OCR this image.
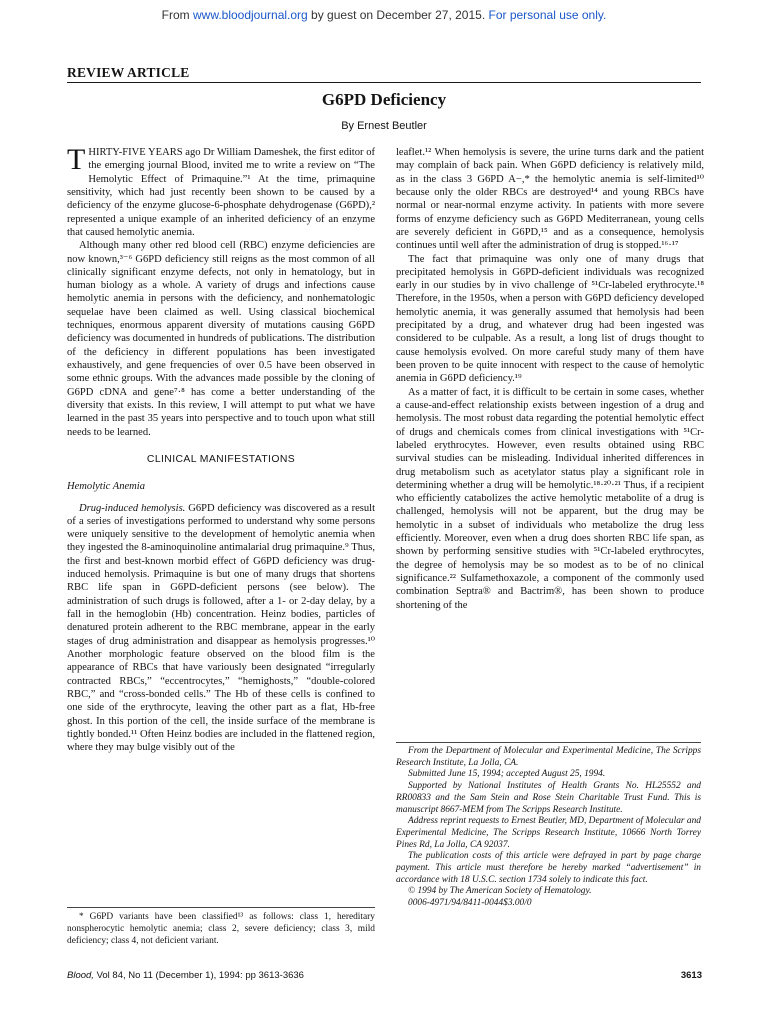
From www.bloodjournal.org by guest on December 27, 2015. For personal use only.
REVIEW ARTICLE
G6PD Deficiency
By Ernest Beutler

THIRTY-FIVE YEARS ago Dr William Dameshek, the first editor of the emerging journal Blood, invited me to write a review on “The Hemolytic Effect of Primaquine.”¹ At the time, primaquine sensitivity, which had just recently been shown to be caused by a deficiency of the enzyme glucose-6-phosphate dehydrogenase (G6PD),² represented a unique example of an inherited deficiency of an enzyme that caused hemolytic anemia.

Although many other red blood cell (RBC) enzyme deficiencies are now known,³⁻⁶ G6PD deficiency still reigns as the most common of all clinically significant enzyme defects, not only in hematology, but in human biology as a whole. A variety of drugs and infections cause hemolytic anemia in persons with the deficiency, and nonhematologic sequelae have been claimed as well. Using classical biochemical techniques, enormous apparent diversity of mutations causing G6PD deficiency was documented in hundreds of publications. The distribution of the deficiency in different populations has been investigated exhaustively, and gene frequencies of over 0.5 have been observed in some ethnic groups. With the advances made possible by the cloning of G6PD cDNA and gene⁷·⁸ has come a better understanding of the diversity that exists. In this review, I will attempt to put what we have learned in the past 35 years into perspective and to touch upon what still needs to be learned.

CLINICAL MANIFESTATIONS

Hemolytic Anemia

Drug-induced hemolysis. G6PD deficiency was discovered as a result of a series of investigations performed to understand why some persons were uniquely sensitive to the development of hemolytic anemia when they ingested the 8-aminoquinoline antimalarial drug primaquine.⁹ Thus, the first and best-known morbid effect of G6PD deficiency was drug-induced hemolysis. Primaquine is but one of many drugs that shortens RBC life span in G6PD-deficient persons (see below). The administration of such drugs is followed, after a 1- or 2-day delay, by a fall in the hemoglobin (Hb) concentration. Heinz bodies, particles of denatured protein adherent to the RBC membrane, appear in the early stages of drug administration and disappear as hemolysis progresses.¹⁰ Another morphologic feature observed on the blood film is the appearance of RBCs that have variously been designated “irregularly contracted RBCs,” “eccentrocytes,” “hemighosts,” “double-colored RBC,” and “cross-bonded cells.” The Hb of these cells is confined to one side of the erythrocyte, leaving the other part as a flat, Hb-free ghost. In this portion of the cell, the inside surface of the membrane is tightly bonded.¹¹ Often Heinz bodies are included in the flattened region, where they may bulge visibly out of the

leaflet.¹² When hemolysis is severe, the urine turns dark and the patient may complain of back pain. When G6PD deficiency is relatively mild, as in the class 3 G6PD A−,* the hemolytic anemia is self-limited¹⁰ because only the older RBCs are destroyed¹⁴ and young RBCs have normal or near-normal enzyme activity. In patients with more severe forms of enzyme deficiency such as G6PD Mediterranean, young cells are severely deficient in G6PD,¹⁵ and as a consequence, hemolysis continues until well after the administration of drug is stopped.¹⁶·¹⁷

The fact that primaquine was only one of many drugs that precipitated hemolysis in G6PD-deficient individuals was recognized early in our studies by in vivo challenge of ⁵¹Cr-labeled erythrocyte.¹⁸ Therefore, in the 1950s, when a person with G6PD deficiency developed hemolytic anemia, it was generally assumed that hemolysis had been precipitated by a drug, and whatever drug had been ingested was considered to be culpable. As a result, a long list of drugs thought to cause hemolysis evolved. On more careful study many of them have been proven to be quite innocent with respect to the cause of hemolytic anemia in G6PD deficiency.¹⁹

As a matter of fact, it is difficult to be certain in some cases, whether a cause-and-effect relationship exists between ingestion of a drug and hemolysis. The most robust data regarding the potential hemolytic effect of drugs and chemicals comes from clinical investigations with ⁵¹Cr-labeled erythrocytes. However, even results obtained using RBC survival studies can be misleading. Individual inherited differences in drug metabolism such as acetylator status play a significant role in determining whether a drug will be hemolytic.¹⁸·²⁰·²¹ Thus, if a recipient who efficiently catabolizes the active hemolytic metabolite of a drug is challenged, hemolysis will not be apparent, but the drug may be hemolytic in a subset of individuals who metabolize the drug less efficiently. Moreover, even when a drug does shorten RBC life span, as shown by performing sensitive studies with ⁵¹Cr-labeled erythrocytes, the degree of hemolysis may be so modest as to be of no clinical significance.²² Sulfamethoxazole, a component of the commonly used combination Septra® and Bactrim®, has been shown to produce shortening of the

From the Department of Molecular and Experimental Medicine, The Scripps Research Institute, La Jolla, CA.

Submitted June 15, 1994; accepted August 25, 1994.

Supported by National Institutes of Health Grants No. HL25552 and RR00833 and the Sam Stein and Rose Stein Charitable Trust Fund. This is manuscript 8667-MEM from The Scripps Research Institute.

Address reprint requests to Ernest Beutler, MD, Department of Molecular and Experimental Medicine, The Scripps Research Institute, 10666 North Torrey Pines Rd, La Jolla, CA 92037.

The publication costs of this article were defrayed in part by page charge payment. This article must therefore be hereby marked “advertisement” in accordance with 18 U.S.C. section 1734 solely to indicate this fact.

© 1994 by The American Society of Hematology.

0006-4971/94/8411-0044$3.00/0

* G6PD variants have been classified¹³ as follows: class 1, hereditary nonspherocytic hemolytic anemia; class 2, severe deficiency; class 3, mild deficiency; class 4, not deficient variant.
Blood, Vol 84, No 11 (December 1), 1994: pp 3613-3636	3613
